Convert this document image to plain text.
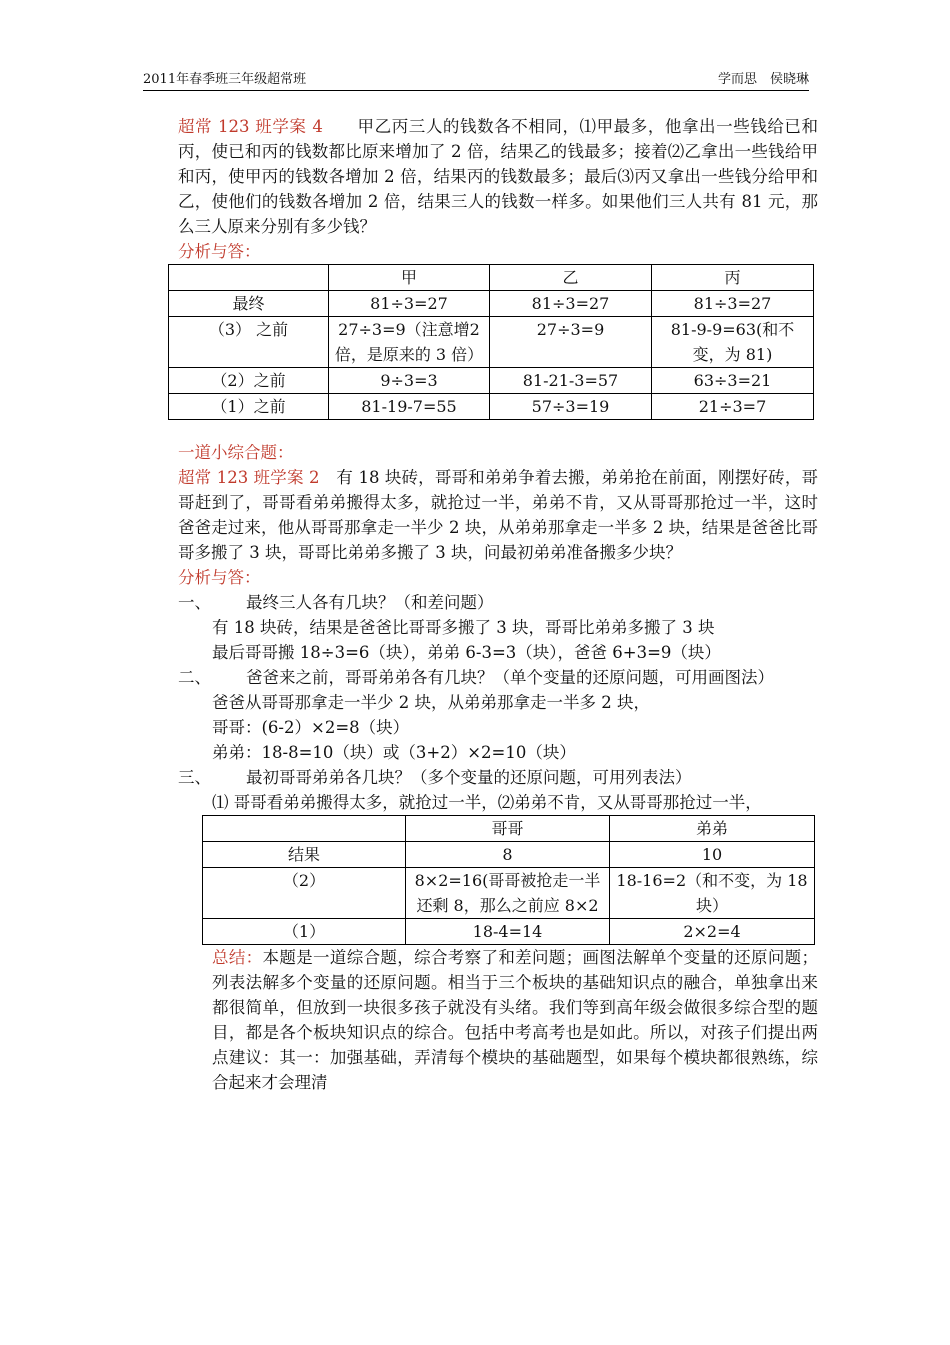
2011年春季班三年级超常班	学而思　侯晓琳
超常 123 班学案 4　　甲乙丙三人的钱数各不相同，⑴甲最多，他拿出一些钱给已和丙，使已和丙的钱数都比原来增加了 2 倍，结果乙的钱最多；接着⑵乙拿出一些钱给甲和丙，使甲丙的钱数各增加 2 倍，结果丙的钱数最多；最后⑶丙又拿出一些钱分给甲和乙，使他们的钱数各增加 2 倍，结果三人的钱数一样多。如果他们三人共有 81 元，那么三人原来分别有多少钱？
分析与答：
	甲	乙	丙
最终	81÷3=27	81÷3=27	81÷3=27
（3） 之前	27÷3=9（注意增2 倍，是原来的 3 倍）	27÷3=9	81-9-9=63(和不变，为 81)
（2）之前	9÷3=3	81-21-3=57	63÷3=21
（1）之前	81-19-7=55	57÷3=19	21÷3=7
一道小综合题：
超常 123 班学案 2　有 18 块砖，哥哥和弟弟争着去搬，弟弟抢在前面，刚摆好砖，哥哥赶到了，哥哥看弟弟搬得太多，就抢过一半，弟弟不肯，又从哥哥那抢过一半，这时爸爸走过来，他从哥哥那拿走一半少 2 块，从弟弟那拿走一半多 2 块，结果是爸爸比哥哥多搬了 3 块，哥哥比弟弟多搬了 3 块，问最初弟弟准备搬多少块？
分析与答：
一、 最终三人各有几块？（和差问题）
有 18 块砖，结果是爸爸比哥哥多搬了 3 块，哥哥比弟弟多搬了 3 块
最后哥哥搬 18÷3=6（块），弟弟 6-3=3（块），爸爸 6+3=9（块）
二、 爸爸来之前，哥哥弟弟各有几块？（单个变量的还原问题，可用画图法）
爸爸从哥哥那拿走一半少 2 块，从弟弟那拿走一半多 2 块，
哥哥：(6-2）×2=8（块）
弟弟：18-8=10（块）或（3+2）×2=10（块）
三、 最初哥哥弟弟各几块？（多个变量的还原问题，可用列表法）
⑴ 哥哥看弟弟搬得太多，就抢过一半，⑵弟弟不肯，又从哥哥那抢过一半，
	哥哥	弟弟
结果	8	10
（2）	8×2=16(哥哥被抢走一半还剩 8，那么之前应 8×2	18-16=2（和不变，为 18 块）
（1）	18-4=14	2×2=4
总结：本题是一道综合题，综合考察了和差问题；画图法解单个变量的还原问题；列表法解多个变量的还原问题。相当于三个板块的基础知识点的融合，单独拿出来都很简单，但放到一块很多孩子就没有头绪。我们等到高年级会做很多综合型的题目，都是各个板块知识点的综合。包括中考高考也是如此。所以，对孩子们提出两点建议：其一：加强基础，弄清每个模块的基础题型，如果每个模块都很熟练，综合起来才会理清
